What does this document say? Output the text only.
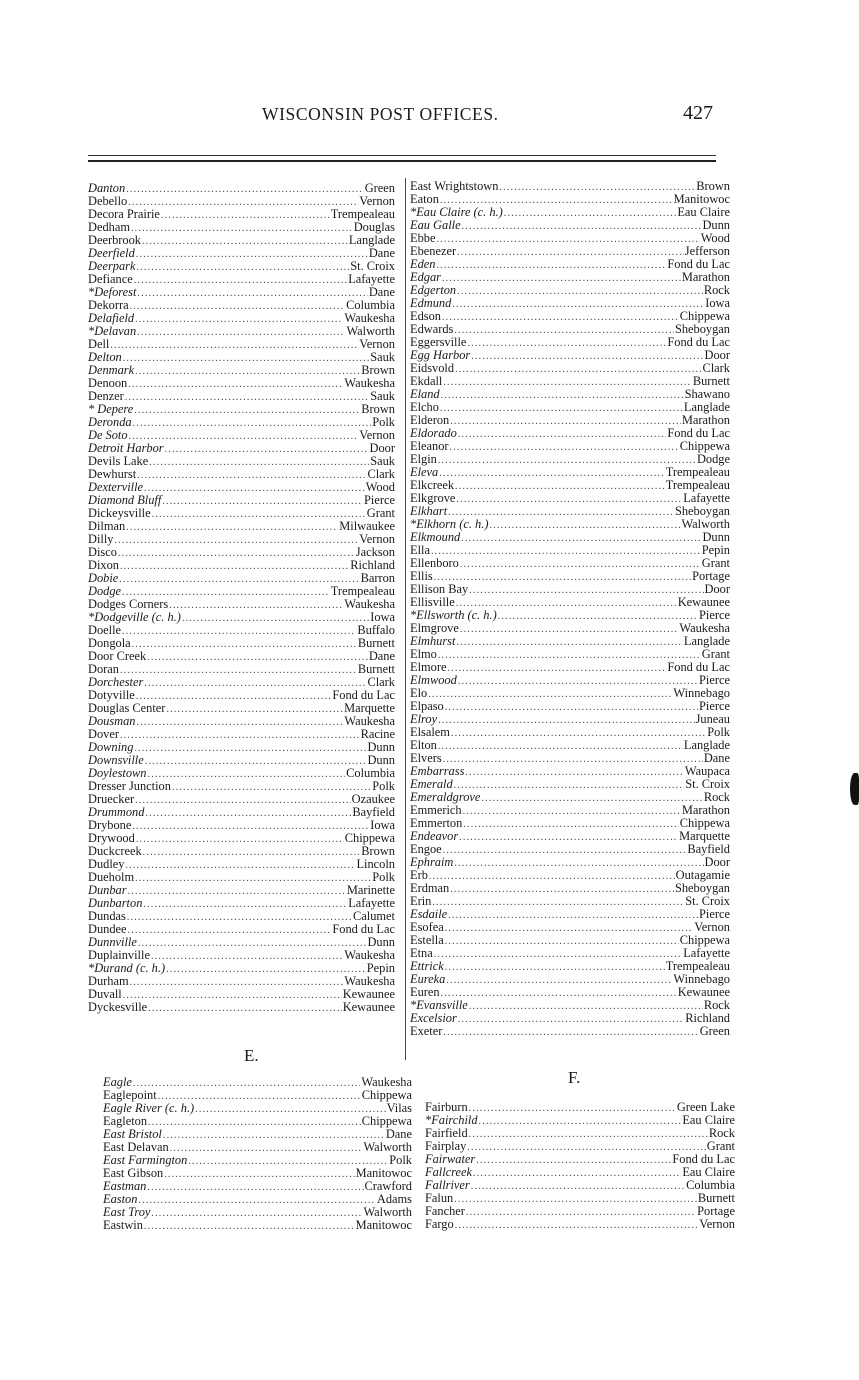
WISCONSIN POST OFFICES.	427
Danton .....	Green
Debello .....	Vernon
Decora Prairie .....	Trempealeau
Dedham .....	Douglas
Deerbrook .....	Langlade
Deerfield .....	Dane
Deerpark .....	St. Croix
Defiance .....	Lafayette
*Deforest .....	Dane
Dekorra .....	Columbia
Delafield .....	Waukesha
*Delavan .....	Walworth
Dell .....	Vernon
Delton .....	Sauk
Denmark .....	Brown
Denoon .....	Waukesha
Denzer .....	Sauk
* Depere .....	Brown
Deronda .....	Polk
De Soto .....	Vernon
Detroit Harbor .....	Door
Devils Lake .....	Sauk
Dewhurst .....	Clark
Dexterville .....	Wood
Diamond Bluff .....	Pierce
Dickeysville .....	Grant
Dilman .....	Milwaukee
Dilly .....	Vernon
Disco .....	Jackson
Dixon .....	Richland
Dobie .....	Barron
Dodge .....	Trempealeau
Dodges Corners .....	Waukesha
*Dodgeville (c. h.) .....	Iowa
Doelle .....	Buffalo
Dongola .....	Burnett
Door Creek .....	Dane
Doran .....	Burnett
Dorchester .....	Clark
Dotyville .....	Fond du Lac
Douglas Center .....	Marquette
Dousman .....	Waukesha
Dover .....	Racine
Downing .....	Dunn
Downsville .....	Dunn
Doylestown .....	Columbia
Dresser Junction .....	Polk
Druecker .....	Ozaukee
Drummond .....	Bayfield
Drybone .....	Iowa
Drywood .....	Chippewa
Duckcreek .....	Brown
Dudley .....	Lincoln
Dueholm .....	Polk
Dunbar .....	Marinette
Dunbarton .....	Lafayette
Dundas .....	Calumet
Dundee .....	Fond du Lac
Dunnville .....	Dunn
Duplainville .....	Waukesha
*Durand (c. h.) .....	Pepin
Durham .....	Waukesha
Duvall .....	Kewaunee
Dyckesville .....	Kewaunee
E.
Eagle .....	Waukesha
Eaglepoint .....	Chippewa
Eagle River (c. h.) .....	Vilas
Eagleton .....	Chippewa
East Bristol .....	Dane
East Delavan .....	Walworth
East Farmington .....	Polk
East Gibson .....	Manitowoc
Eastman .....	Crawford
Easton .....	Adams
East Troy .....	Walworth
Eastwin .....	Manitowoc
East Wrightstown .....	Brown
Eaton .....	Manitowoc
*Eau Claire (c. h.) .....	Eau Claire
Eau Galle .....	Dunn
Ebbe .....	Wood
Ebenezer .....	Jefferson
Eden .....	Fond du Lac
Edgar .....	Marathon
Edgerton .....	Rock
Edmund .....	Iowa
Edson .....	Chippewa
Edwards .....	Sheboygan
Eggersville .....	Fond du Lac
Egg Harbor .....	Door
Eidsvold .....	Clark
Ekdall .....	Burnett
Eland .....	Shawano
Elcho .....	Langlade
Elderon .....	Marathon
Eldorado .....	Fond du Lac
Eleanor .....	Chippewa
Elgin .....	Dodge
Eleva .....	Trempealeau
Elkcreek .....	Trempealeau
Elkgrove .....	Lafayette
Elkhart .....	Sheboygan
*Elkhorn (c. h.) .....	Walworth
Elkmound .....	Dunn
Ella .....	Pepin
Ellenboro .....	Grant
Ellis .....	Portage
Ellison Bay .....	Door
Ellisville .....	Kewaunee
*Ellsworth (c. h.) .....	Pierce
Elmgrove .....	Waukesha
Elmhurst .....	Langlade
Elmo .....	Grant
Elmore .....	Fond du Lac
Elmwood .....	Pierce
Elo .....	Winnebago
Elpaso .....	Pierce
Elroy .....	Juneau
Elsalem .....	Polk
Elton .....	Langlade
Elvers .....	Dane
Embarrass .....	Waupaca
Emerald .....	St. Croix
Emeraldgrove .....	Rock
Emmerich .....	Marathon
Emmerton .....	Chippewa
Endeavor .....	Marquette
Engoe .....	Bayfield
Ephraim .....	Door
Erb .....	Outagamie
Erdman .....	Sheboygan
Erin .....	St. Croix
Esdaile .....	Pierce
Esofea .....	Vernon
Estella .....	Chippewa
Etna .....	Lafayette
Ettrick .....	Trempealeau
Eureka .....	Winnebago
Euren .....	Kewaunee
*Evansville .....	Rock
Excelsior .....	Richland
Exeter .....	Green
F.
Fairburn .....	Green Lake
*Fairchild .....	Eau Claire
Fairfield .....	Rock
Fairplay .....	Grant
Fairwater .....	Fond du Lac
Fallcreek .....	Eau Claire
Fallriver .....	Columbia
Falun .....	Burnett
Fancher .....	Portage
Fargo .....	Vernon
